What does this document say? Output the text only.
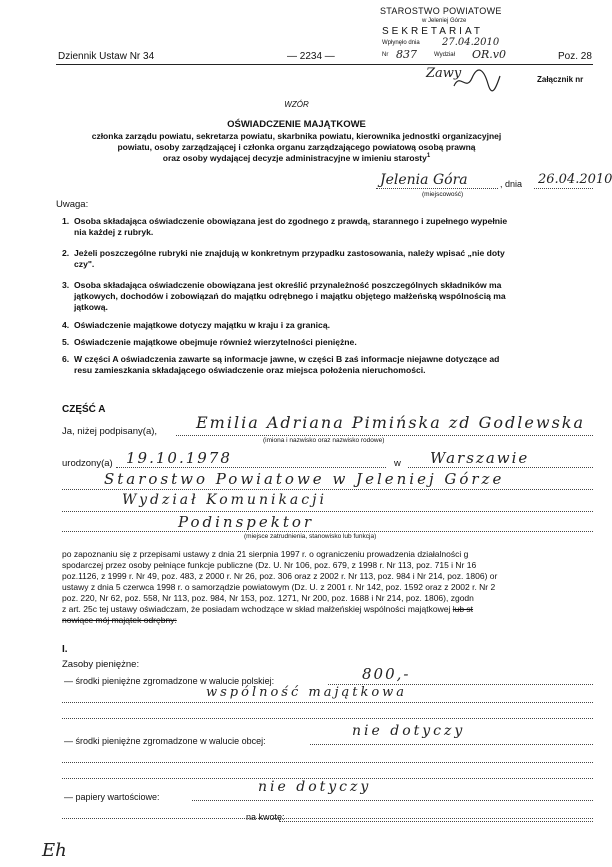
STAROSTWO POWIATOWE
w Jeleniej Górze
SEKRETARIAT
Wpłynęło dnia 27.04.2010
Nr 837	Wydział OR.v0
Zawy
Dziennik Ustaw Nr 34	— 2234 —	Poz. 28
Załącznik nr
WZÓR
OŚWIADCZENIE MAJĄTKOWE
członka zarządu powiatu, sekretarza powiatu, skarbnika powiatu, kierownika jednostki organizacyjnej
powiatu, osoby zarządzającej i członka organu zarządzającego powiatową osobą prawną
oraz osoby wydającej decyzje administracyjne w imieniu starosty$^1$
Jelenia Góra	, dnia 26.04.2010
(miejscowość)
Uwaga:
1. Osoba składająca oświadczenie obowiązana jest do zgodnego z prawdą, starannego i zupełnego wypełnie
nia każdej z rubryk.
2. Jeżeli poszczególne rubryki nie znajdują w konkretnym przypadku zastosowania, należy wpisać „nie doty
czy".
3. Osoba składająca oświadczenie obowiązana jest określić przynależność poszczególnych składników ma
jątkowych, dochodów i zobowiązań do majątku odrębnego i majątku objętego małżeńską wspólnością ma
jątkową.
4. Oświadczenie majątkowe dotyczy majątku w kraju i za granicą.
5. Oświadczenie majątkowe obejmuje również wierzytelności pieniężne.
6. W części A oświadczenia zawarte są informacje jawne, w części B zaś informacje niejawne dotyczące ad
resu zamieszkania składającego oświadczenie oraz miejsca położenia nieruchomości.
CZĘŚĆ A
Ja, niżej podpisany(a), Emilia Adriana Pimińska zd Godlewska
(imiona i nazwisko oraz nazwisko rodowe)
urodzony(a) 19.10.1978	w Warszawie
Starostwo Powiatowe w Jeleniej Górze
Wydział Komunikacji
Podinspektor
(miejsce zatrudnienia, stanowisko lub funkcja)
po zapoznaniu się z przepisami ustawy z dnia 21 sierpnia 1997 r. o ograniczeniu prowadzenia działalności g
spodarczej przez osoby pełniące funkcje publiczne (Dz. U. Nr 106, poz. 679, z 1998 r. Nr 113, poz. 715 i Nr 16
poz.1126, z 1999 r. Nr 49, poz. 483, z 2000 r. Nr 26, poz. 306 oraz z 2002 r. Nr 113, poz. 984 i Nr 214, poz. 1806) or
ustawy z dnia 5 czerwca 1998 r. o samorządzie powiatowym (Dz. U. z 2001 r. Nr 142, poz. 1592 oraz z 2002 r. Nr 2
poz. 220, Nr 62, poz. 558, Nr 113, poz. 984, Nr 153, poz. 1271, Nr 200, poz. 1688 i Nr 214, poz. 1806), zgodn
z art. 25c tej ustawy oświadczam, że posiadam wchodzące w skład małżeńskiej wspólności majątkowej lub st
nowiące mój majątek odrębny:
I.
Zasoby pieniężne:
— środki pieniężne zgromadzone w walucie polskiej:	800,-
wspólność majątkowa
— środki pieniężne zgromadzone w walucie obcej:
nie dotyczy
— papiery wartościowe:
nie dotyczy
na kwotę:
Eh
